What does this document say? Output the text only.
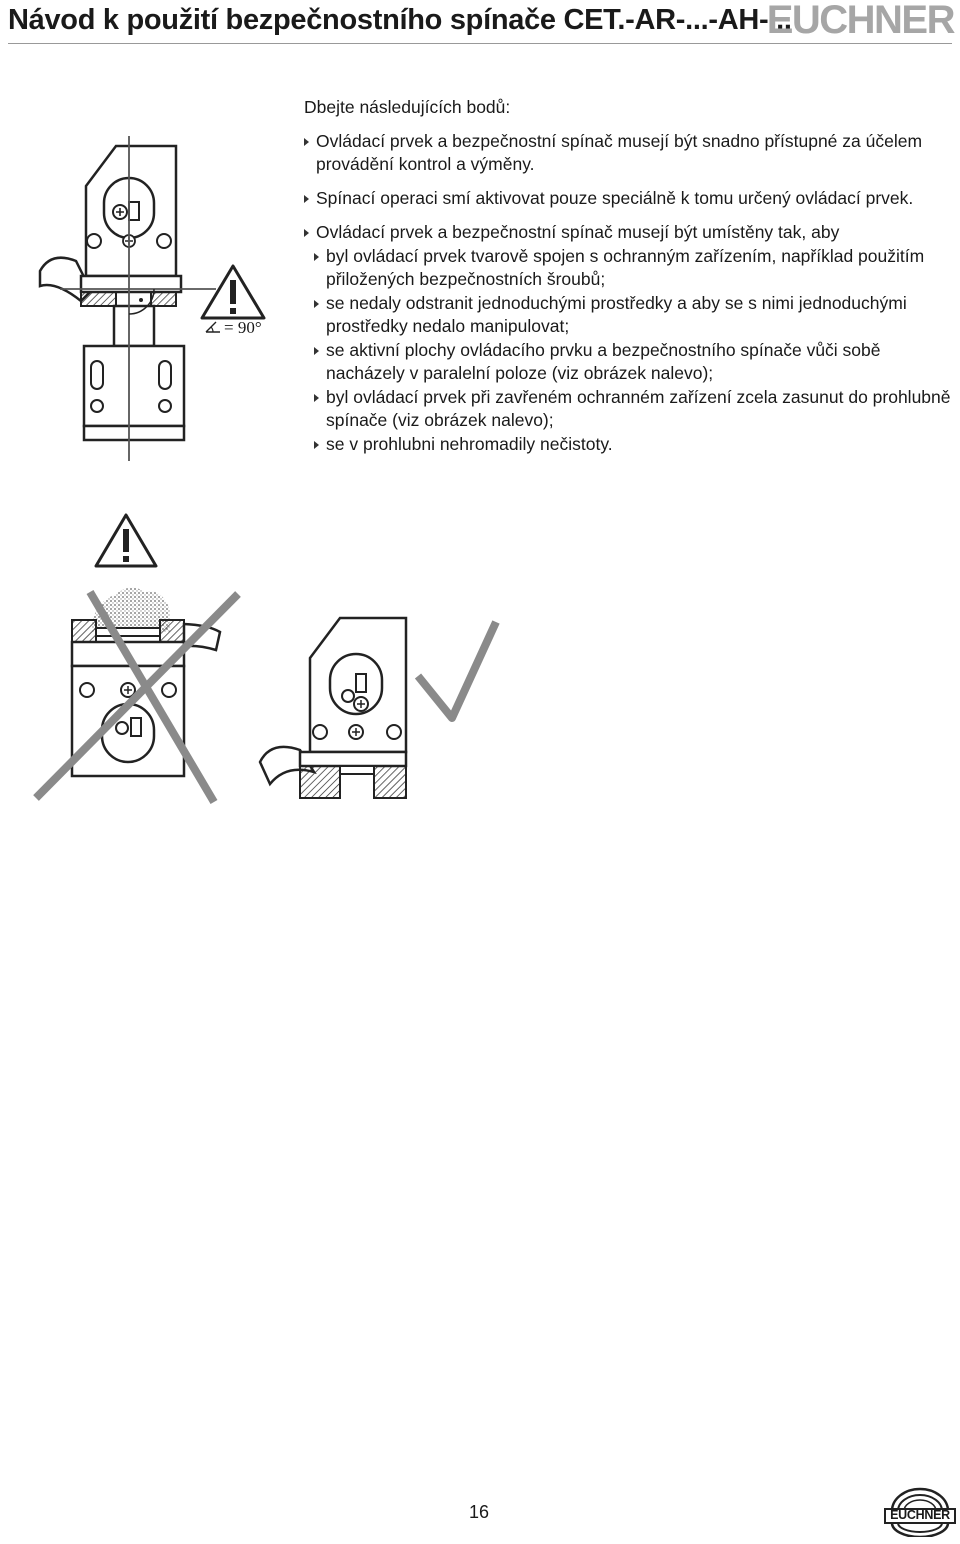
Návod k použití bezpečnostního spínače CET.-AR-...-AH-...
EUCHNER
= 90°
Dbejte následujících bodů:
Ovládací prvek a bezpečnostní spínač musejí být snadno přístupné za účelem provádění kontrol a výměny.
Spínací operaci smí aktivovat pouze speciálně k tomu určený ovládací prvek.
Ovládací prvek a bezpečnostní spínač musejí být umístěny tak, aby
byl ovládací prvek tvarově spojen s ochranným zařízením, například použitím přiložených bezpečnostních šroubů;
se nedaly odstranit jednoduchými prostředky a aby se s nimi jednoduchými prostředky nedalo manipulovat;
se aktivní plochy ovládacího prvku a bezpečnostního spínače vůči sobě nacházely v paralelní poloze (viz obrázek nalevo);
byl ovládací prvek při zavřeném ochranném zařízení zcela zasunut do prohlubně spínače (viz obrázek nalevo);
se v prohlubni nehromadily nečistoty.
16	EUCHNER
